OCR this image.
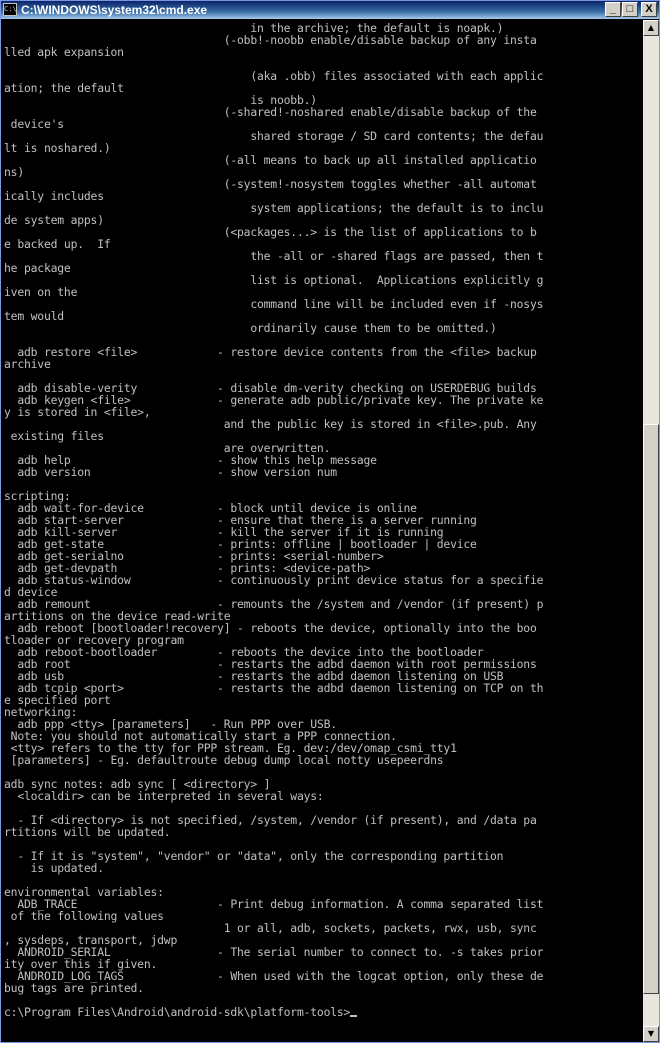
C:\ C:\WINDOWS\system32\cmd.exe	_ □	X
in the archive; the default is noapk.)
(-obb!-noobb enable/disable backup of any insta
lled apk expansion
(aka .obb) files associated with each applic
ation; the default
is noobb.)
(-shared!-noshared enable/disable backup of the
device's
shared storage / SD card contents; the defau
lt is noshared.)
(-all means to back up all installed applicatio
ns)
(-system!-nosystem toggles whether -all automat
ically includes
system applications; the default is to inclu
de system apps)
(<packages...> is the list of applications to b
e backed up.  If
the -all or -shared flags are passed, then t
he package
list is optional.  Applications explicitly g
iven on the
command line will be included even if -nosys
tem would
ordinarily cause them to be omitted.)
adb restore <file>            - restore device contents from the <file> backup
archive
adb disable-verity            - disable dm-verity checking on USERDEBUG builds
adb keygen <file>             - generate adb public/private key. The private ke
y is stored in <file>,
and the public key is stored in <file>.pub. Any
existing files
are overwritten.
adb help                      - show this help message
adb version                   - show version num
scripting:
adb wait-for-device           - block until device is online
adb start-server              - ensure that there is a server running
adb kill-server               - kill the server if it is running
adb get-state                 - prints: offline | bootloader | device
adb get-serialno              - prints: <serial-number>
adb get-devpath               - prints: <device-path>
adb status-window             - continuously print device status for a specifie
d device
adb remount                   - remounts the /system and /vendor (if present) p
artitions on the device read-write
adb reboot [bootloader!recovery] - reboots the device, optionally into the boo
tloader or recovery program
adb reboot-bootloader         - reboots the device into the bootloader
adb root                      - restarts the adbd daemon with root permissions
adb usb                       - restarts the adbd daemon listening on USB
adb tcpip <port>              - restarts the adbd daemon listening on TCP on th
e specified port
networking:
adb ppp <tty> [parameters]   - Run PPP over USB.
Note: you should not automatically start a PPP connection.
<tty> refers to the tty for PPP stream. Eg. dev:/dev/omap_csmi_tty1
[parameters] - Eg. defaultroute debug dump local notty usepeerdns
adb sync notes: adb sync [ <directory> ]
<localdir> can be interpreted in several ways:
- If <directory> is not specified, /system, /vendor (if present), and /data pa
rtitions will be updated.
- If it is "system", "vendor" or "data", only the corresponding partition
is updated.
environmental variables:
ADB_TRACE                     - Print debug information. A comma separated list
of the following values
1 or all, adb, sockets, packets, rwx, usb, sync
, sysdeps, transport, jdwp
ANDROID_SERIAL                - The serial number to connect to. -s takes prior
ity over this if given.
ANDROID_LOG_TAGS              - When used with the logcat option, only these de
bug tags are printed.
c:\Program Files\Android\android-sdk\platform-tools>
▲
▼
